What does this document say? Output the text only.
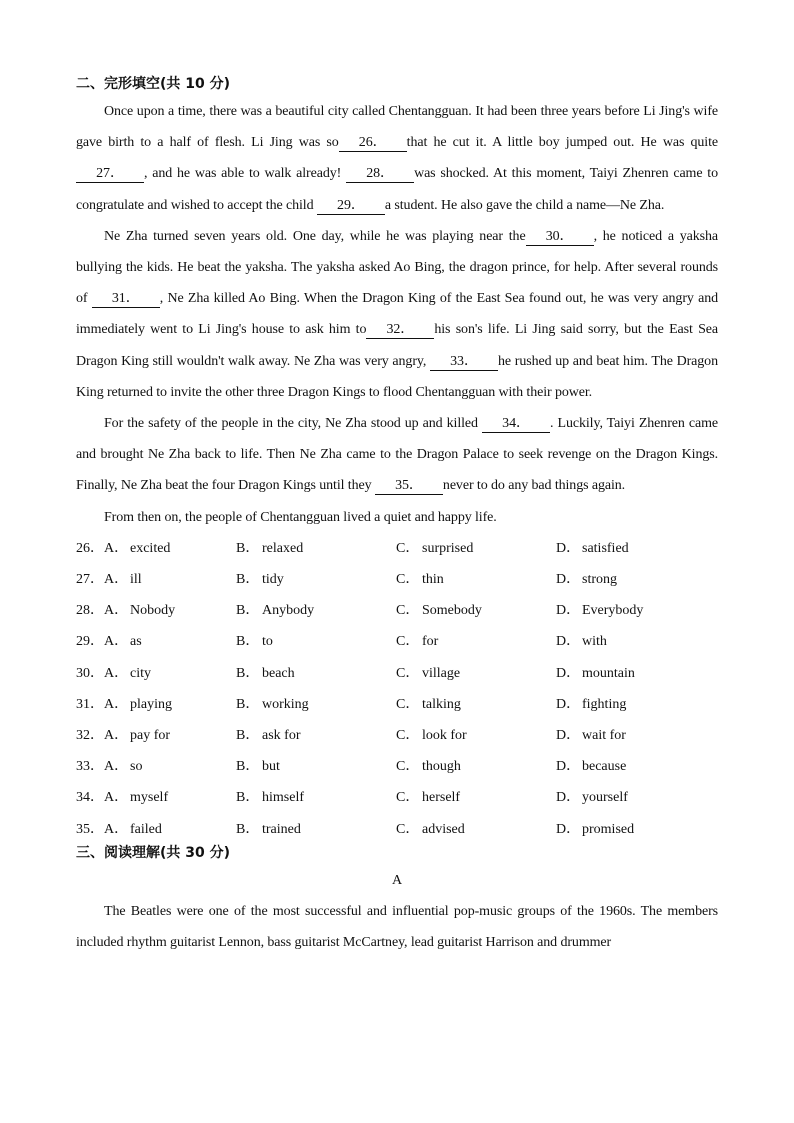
二、完形填空(共 10 分)

Once upon a time, there was a beautiful city called Chentangguan. It had been three years before Li Jing's wife gave birth to a half of flesh. Li Jing was so 26． that he cut it. A little boy jumped out. He was quite 27． , and he was able to walk already! 28． was shocked. At this moment, Taiyi Zhenren came to congratulate and wished to accept the child 29． a student. He also gave the child a name—Ne Zha.

Ne Zha turned seven years old. One day, while he was playing near the 30． , he noticed a yaksha bullying the kids. He beat the yaksha. The yaksha asked Ao Bing, the dragon prince, for help. After several rounds of 31． , Ne Zha killed Ao Bing. When the Dragon King of the East Sea found out, he was very angry and immediately went to Li Jing's house to ask him to 32． his son's life. Li Jing said sorry, but the East Sea Dragon King still wouldn't walk away. Ne Zha was very angry, 33． he rushed up and beat him. The Dragon King returned to invite the other three Dragon Kings to flood Chentangguan with their power.

For the safety of the people in the city, Ne Zha stood up and killed 34． . Luckily, Taiyi Zhenren came and brought Ne Zha back to life. Then Ne Zha came to the Dragon Palace to seek revenge on the Dragon Kings. Finally, Ne Zha beat the four Dragon Kings until they 35． never to do any bad things again.

From then on, the people of Chentangguan lived a quiet and happy life.

26．A． excited	B． relaxed	C． surprised	D． satisfied
27．A． ill	B． tidy	C． thin	D． strong
28．A． Nobody	B． Anybody	C． Somebody	D． Everybody
29．A． as	B． to	C． for	D． with
30．A． city	B． beach	C． village	D． mountain
31．A． playing	B． working	C． talking	D． fighting
32．A． pay for	B． ask for	C． look for	D． wait for
33．A． so	B． but	C． though	D． because
34．A． myself	B． himself	C． herself	D． yourself
35．A． failed	B． trained	C． advised	D． promised
三、阅读理解(共 30 分)

A

The Beatles were one of the most successful and influential pop-music groups of the 1960s. The members included rhythm guitarist Lennon, bass guitarist McCartney, lead guitarist Harrison and drummer
